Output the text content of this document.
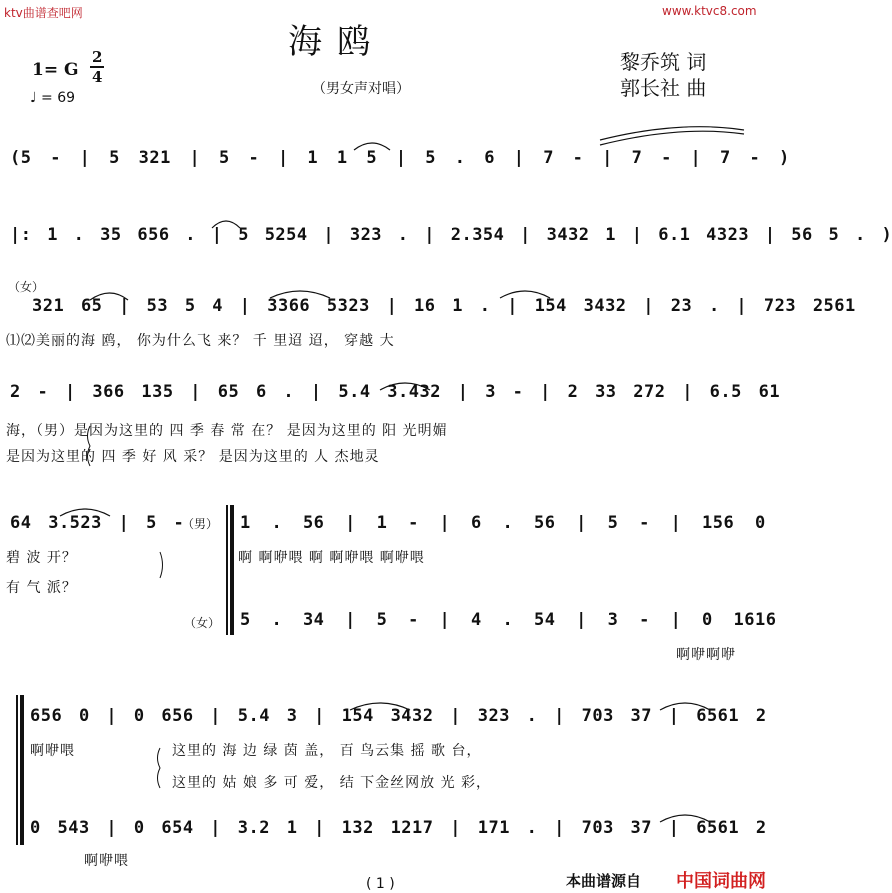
ktv曲谱查吧网	www.ktvc8.com
海 鸥
（男女声对唱）
1= G
2
4
♩ = 69
黎乔筑 词
郭长社 曲
(5 - | 5 321 | 5 - | 1 1 5 | 5 . 6 | 7 - | 7 - | 7 - )
|: 1 . 35 656 . | 5 5254 | 323 . | 2.354 | 3432 1 | 6.1 4323 | 56 5 . )
（女）
321 65 | 53 5 4 | 3366 5323 | 16 1 . | 154 3432 | 23 . | 723 2561
⑴⑵美丽的海 鸥， 你为什么飞 来？ 千 里迢 迢， 穿越 大
2 - | 366 135 | 65 6 . | 5.4 3.432 | 3 - | 2 33 272 | 6.5 61
海，（男）是因为这里的 四 季 春 常 在？ 是因为这里的 阳 光明媚
是因为这里的 四 季 好 风 采？ 是因为这里的 人 杰地灵
64 3.523 | 5 -
（男） 1 . 56 | 1 - | 6 . 56 | 5 - | 156 0
碧 波 开？
有 气 派？
啊 啊咿喂 啊 啊咿喂 啊咿喂
（女） 5 . 34 | 5 - | 4 . 54 | 3 - | 0 1616
啊咿啊咿
656 0 | 0 656 | 5.4 3 | 154 3432 | 323 . | 703 37 | 6561 2
啊咿喂	这里的 海 边 绿 茵 盖， 百 鸟云集 摇 歌 台，
这里的 姑 娘 多 可 爱， 结 下金丝网放 光 彩，
0 543 | 0 654 | 3.2 1 | 132 1217 | 171 . | 703 37 | 6561 2
啊咿喂
( 1 )	本曲谱源自 中国词曲网
